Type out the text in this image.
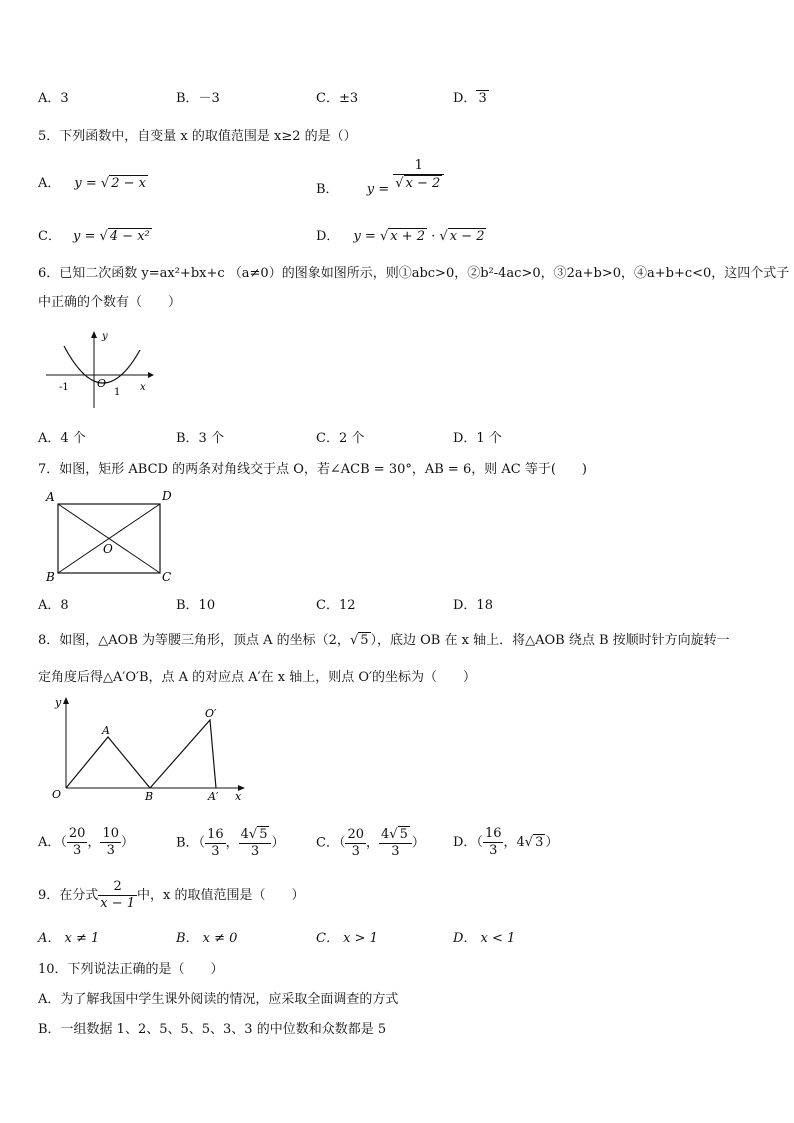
A．3	B．－3	C．±3	D． 3
5．下列函数中，自变量 x 的取值范围是 x≥2 的是（）
A． y = √ 2 − x	B． $y = \frac{1}{√ x - 2}$
C． y = √ 4 − x²	D． y = √ x + 2 · √ x − 2
6．已知二次函数 y=ax²+bx+c （a≠0）的图象如图所示，则①abc>0，②b²-4ac>0，③2a+b>0，④a+b+c<0，这四个式子
中正确的个数有（　　）
y
x
O
-1	1
A．4 个	B．3 个	C．2 个	D．1 个
7．如图，矩形 ABCD 的两条对角线交于点 O，若∠ACB = 30°，AB = 6，则 AC 等于(　　)
A	D
B	C
O
A．8	B．10	C．12	D．18
8．如图，△AOB 为等腰三角形，顶点 A 的坐标（2，√ 5 ），底边 OB 在 x 轴上．将△AOB 绕点 B 按顺时针方向旋转一
定角度后得△A′O′B，点 A 的对应点 A′在 x 轴上，则点 O′的坐标为（　　）
y
x
O
A
B
O′
A′
A．（ $\frac{20}{3}$ ， $\frac{10}{3}$ ）	B．（ $\frac{16}{3}$ ， $\frac{4√ 5}{3}$ ） C．（ $\frac{20}{3}$ ， $\frac{4√ 5}{3}$ ） D．（ $\frac{16}{3}$ ，4√ 3 ）
9．在分式 $\frac{2}{x - 1}$ 中，x 的取值范围是（　　）
A． x ≠ 1	B． x ≠ 0	C． x > 1	D． x < 1
10．下列说法正确的是（　　）
A．为了解我国中学生课外阅读的情况，应采取全面调查的方式
B．一组数据 1、2、5、5、5、3、3 的中位数和众数都是 5
